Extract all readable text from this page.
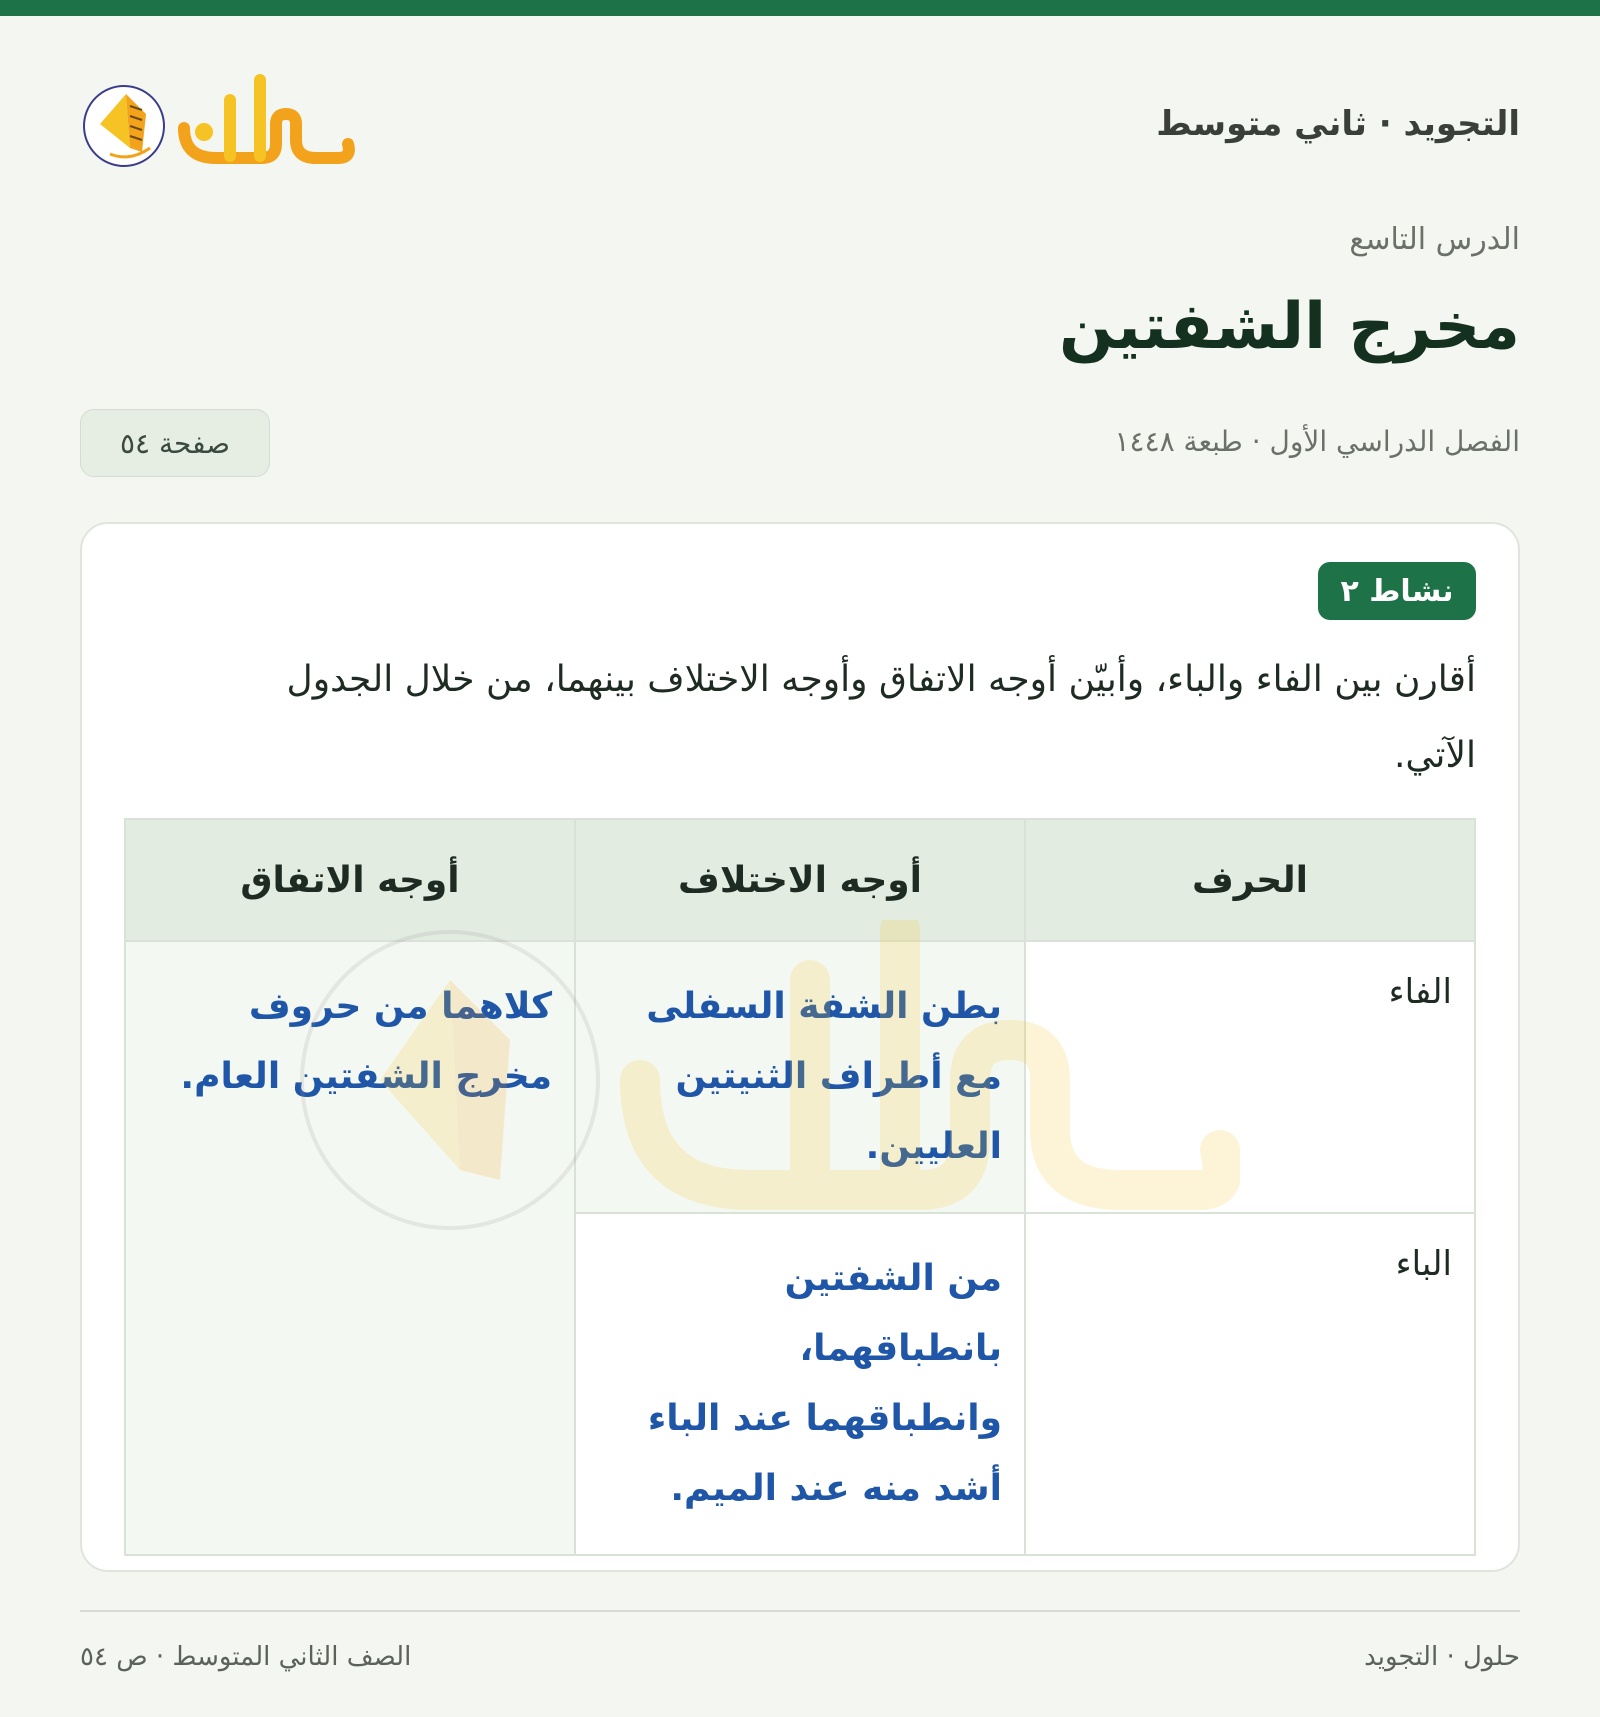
التجويد · ثاني متوسط
الدرس التاسع
مخرج الشفتين
الفصل الدراسي الأول · طبعة ١٤٤٨
صفحة ٥٤
نشاط ٢

أقارن بين الفاء والباء، وأبيّن أوجه الاتفاق وأوجه الاختلاف بينهما، من خلال الجدول الآتي.

الحرف	أوجه الاختلاف	أوجه الاتفاق
الفاء	بطن الشفة السفلى مع أطراف الثنيتين العليين.	كلاهما من حروف مخرج الشفتين العام.
الباء	من الشفتين بانطباقهما، وانطباقهما عند الباء أشد منه عند الميم.	
حلول · التجويد
الصف الثاني المتوسط · ص ٥٤
